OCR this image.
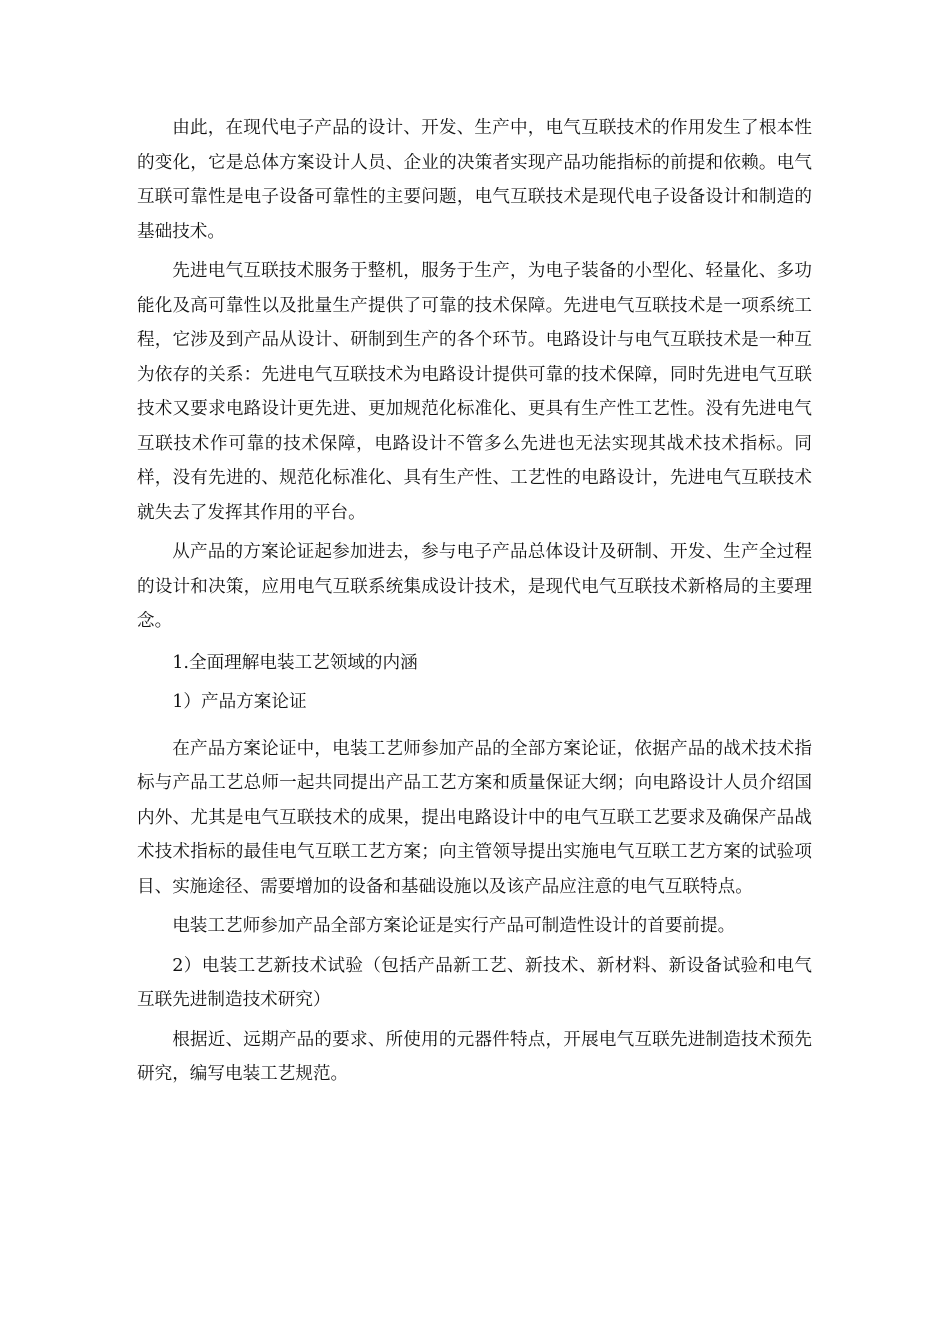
由此，在现代电子产品的设计、开发、生产中，电气互联技术的作用发生了根本性的变化，它是总体方案设计人员、企业的决策者实现产品功能指标的前提和依赖。电气互联可靠性是电子设备可靠性的主要问题，电气互联技术是现代电子设备设计和制造的基础技术。

先进电气互联技术服务于整机，服务于生产，为电子装备的小型化、轻量化、多功能化及高可靠性以及批量生产提供了可靠的技术保障。先进电气互联技术是一项系统工程，它涉及到产品从设计、研制到生产的各个环节。电路设计与电气互联技术是一种互为依存的关系：先进电气互联技术为电路设计提供可靠的技术保障，同时先进电气互联技术又要求电路设计更先进、更加规范化标准化、更具有生产性工艺性。没有先进电气互联技术作可靠的技术保障，电路设计不管多么先进也无法实现其战术技术指标。同样，没有先进的、规范化标准化、具有生产性、工艺性的电路设计，先进电气互联技术就失去了发挥其作用的平台。

从产品的方案论证起参加进去，参与电子产品总体设计及研制、开发、生产全过程的设计和决策，应用电气互联系统集成设计技术，是现代电气互联技术新格局的主要理念。

1.全面理解电装工艺领域的内涵

1）产品方案论证

在产品方案论证中，电装工艺师参加产品的全部方案论证，依据产品的战术技术指标与产品工艺总师一起共同提出产品工艺方案和质量保证大纲；向电路设计人员介绍国内外、尤其是电气互联技术的成果，提出电路设计中的电气互联工艺要求及确保产品战术技术指标的最佳电气互联工艺方案；向主管领导提出实施电气互联工艺方案的试验项目、实施途径、需要增加的设备和基础设施以及该产品应注意的电气互联特点。

电装工艺师参加产品全部方案论证是实行产品可制造性设计的首要前提。

2）电装工艺新技术试验（包括产品新工艺、新技术、新材料、新设备试验和电气互联先进制造技术研究）

根据近、远期产品的要求、所使用的元器件特点，开展电气互联先进制造技术预先研究，编写电装工艺规范。
